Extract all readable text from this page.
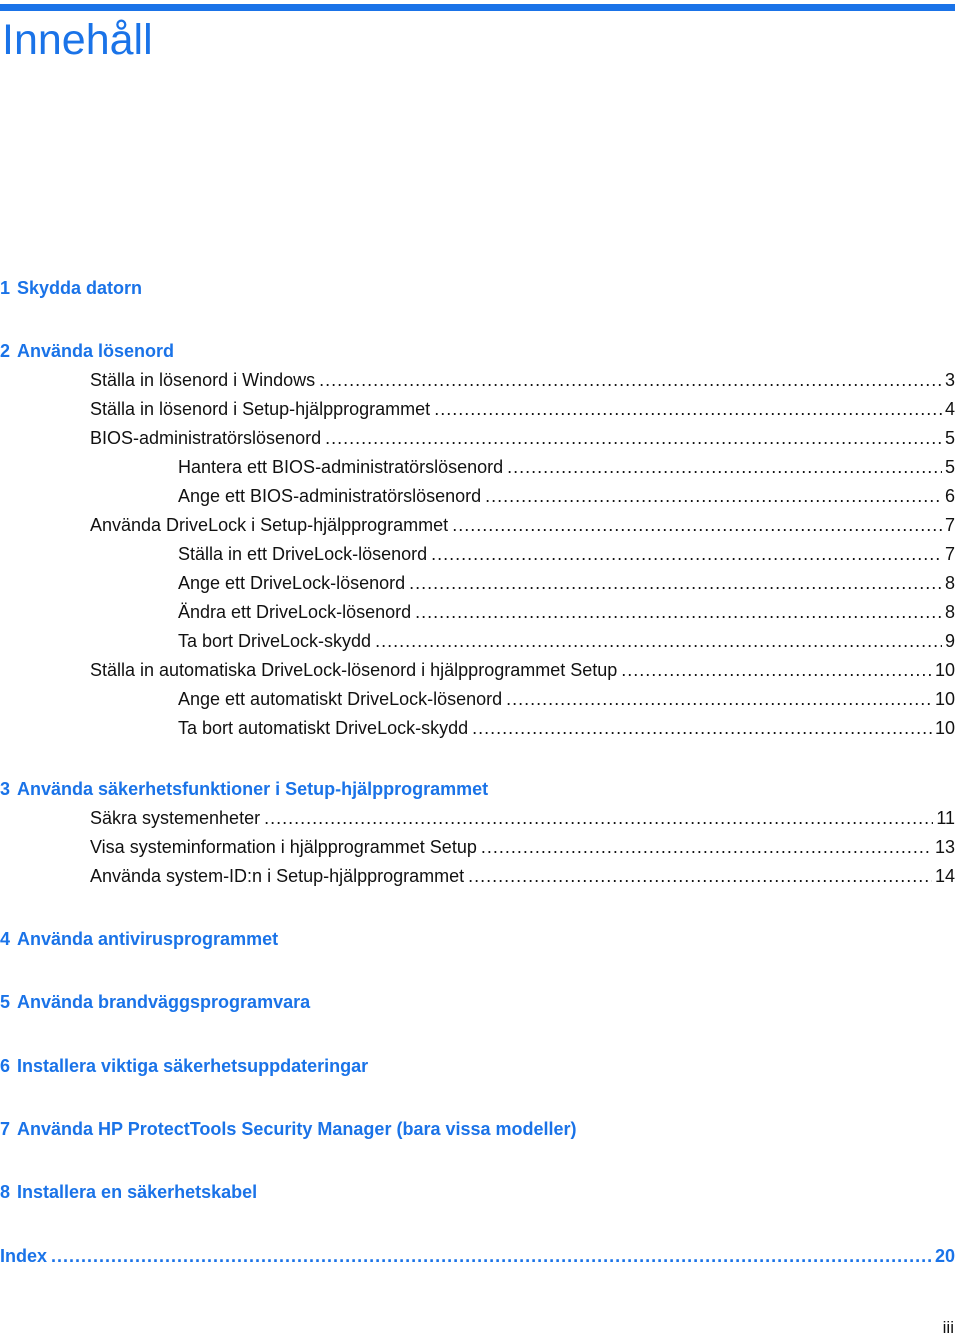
Innehåll
1 Skydda datorn
2 Använda lösenord
Ställa in lösenord i Windows .....	3
Ställa in lösenord i Setup-hjälpprogrammet .....	4
BIOS-administratörslösenord .....	5
Hantera ett BIOS-administratörslösenord .....	5
Ange ett BIOS-administratörslösenord .....	6
Använda DriveLock i Setup-hjälpprogrammet .....	7
Ställa in ett DriveLock-lösenord .....	7
Ange ett DriveLock-lösenord .....	8
Ändra ett DriveLock-lösenord .....	8
Ta bort DriveLock-skydd .....	9
Ställa in automatiska DriveLock-lösenord i hjälpprogrammet Setup .....	10
Ange ett automatiskt DriveLock-lösenord .....	10
Ta bort automatiskt DriveLock-skydd .....	10
3 Använda säkerhetsfunktioner i Setup-hjälpprogrammet
Säkra systemenheter .....	11
Visa systeminformation i hjälpprogrammet Setup .....	13
Använda system-ID:n i Setup-hjälpprogrammet .....	14
4 Använda antivirusprogrammet
5 Använda brandväggsprogramvara
6 Installera viktiga säkerhetsuppdateringar
7 Använda HP ProtectTools Security Manager (bara vissa modeller)
8 Installera en säkerhetskabel
Index .....	20
iii
